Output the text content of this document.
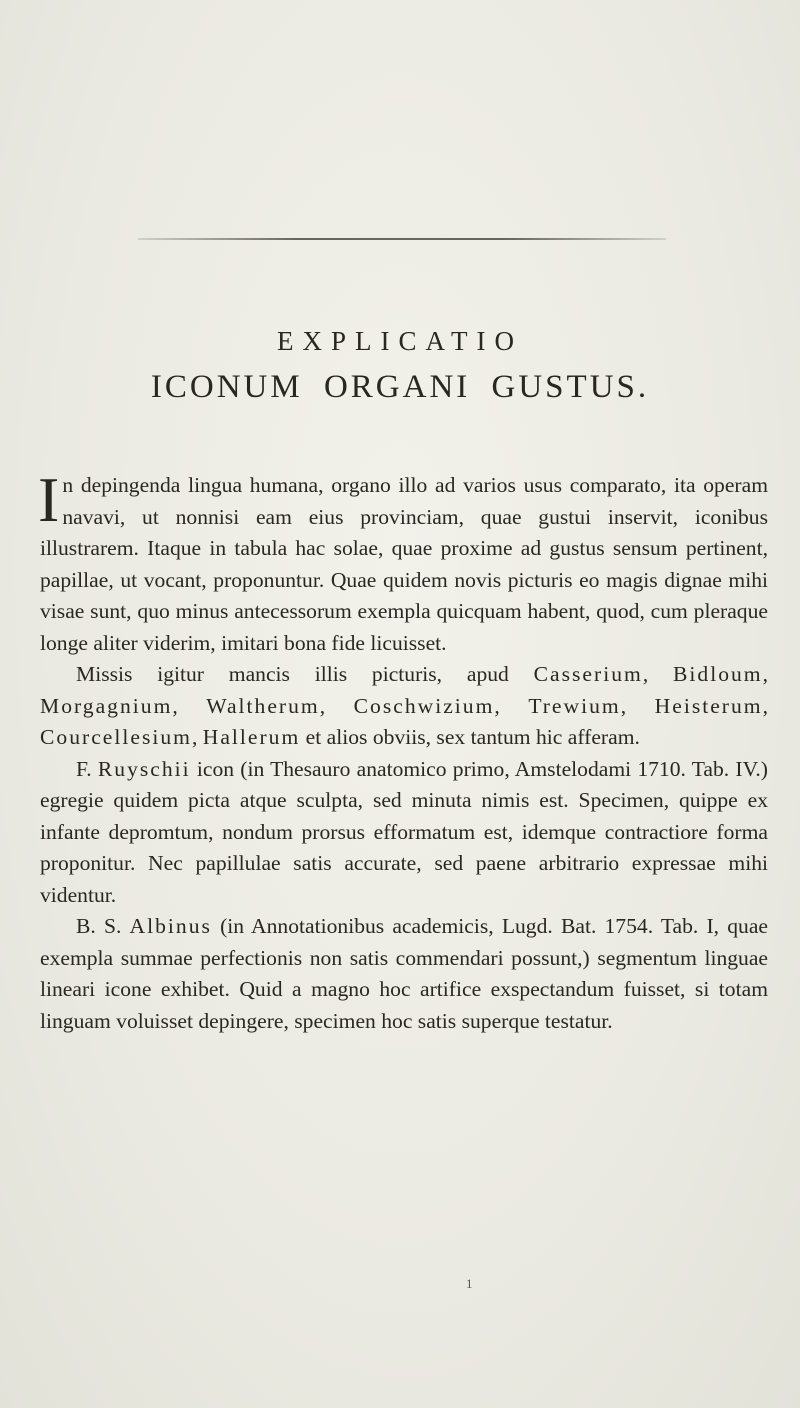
EXPLICATIO
ICONUM ORGANI GUSTUS.

In depingenda lingua humana, organo illo ad varios usus comparato, ita operam navavi, ut nonnisi eam eius provinciam, quae gustui inservit, iconibus illustrarem. Itaque in tabula hac solae, quae proxime ad gustus sensum pertinent, papillae, ut vocant, proponuntur. Quae quidem novis picturis eo magis dignae mihi visae sunt, quo minus antecessorum exempla quicquam habent, quod, cum pleraque longe aliter viderim, imitari bona fide licuisset.

Missis igitur mancis illis picturis, apud Casserium, Bidloum, Morgagnium, Waltherum, Coschwizium, Trewium, Heisterum, Courcellesium, Hallerum et alios obviis, sex tantum hic afferam.

F. Ruyschii icon (in Thesauro anatomico primo, Amstelodami 1710. Tab. IV.) egregie quidem picta atque sculpta, sed minuta nimis est. Specimen, quippe ex infante depromtum, nondum prorsus efformatum est, idemque contractiore forma proponitur. Nec papillulae satis accurate, sed paene arbitrario expressae mihi videntur.

B. S. Albinus (in Annotationibus academicis, Lugd. Bat. 1754. Tab. I, quae exempla summae perfectionis non satis commendari possunt,) segmentum linguae lineari icone exhibet. Quid a magno hoc artifice exspectandum fuisset, si totam linguam voluisset depingere, specimen hoc satis superque testatur.

1
